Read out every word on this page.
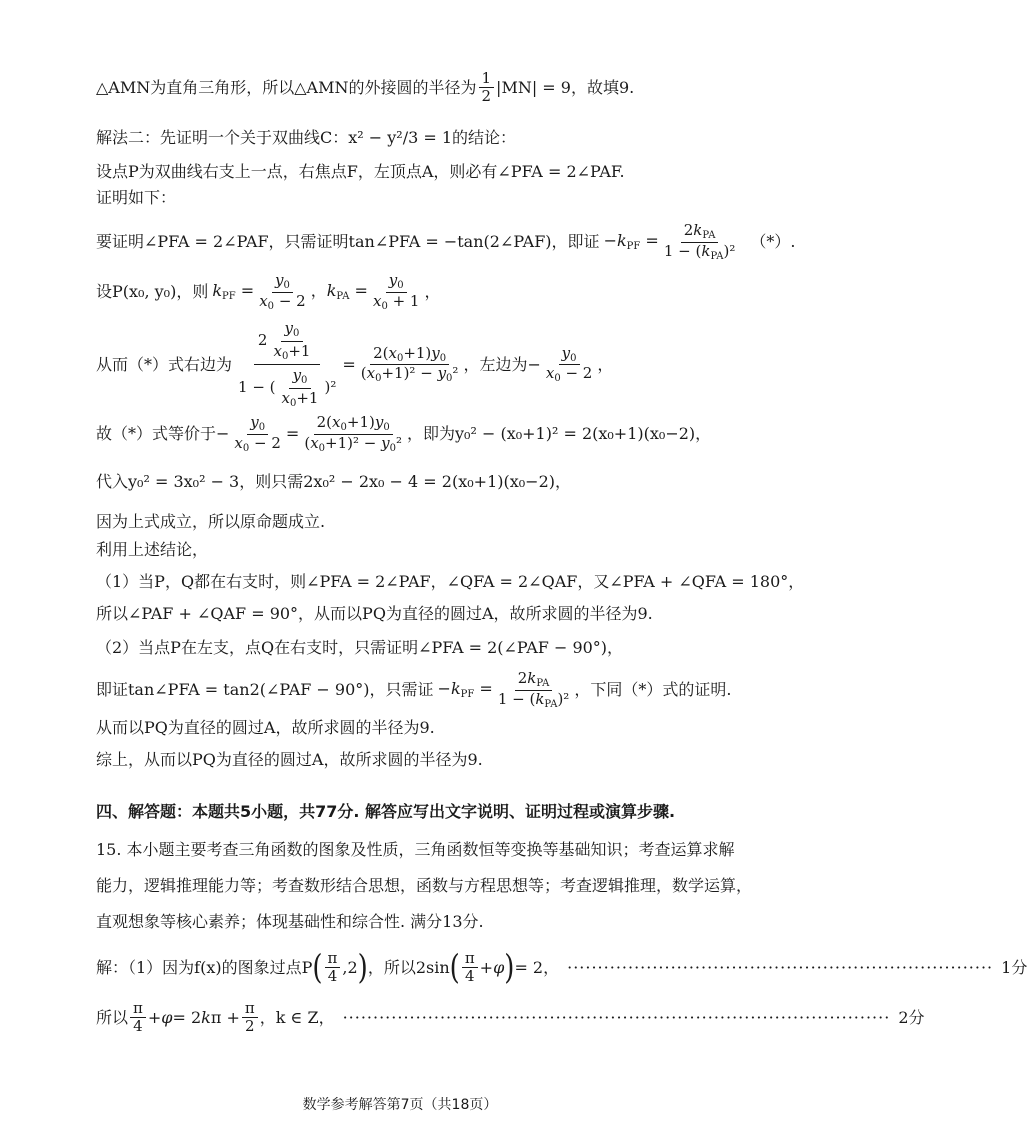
△AMN为直角三角形，所以△AMN的外接圆的半径为 $\frac{1}{2} |MN| = 9$，故填9.
解法二：先证明一个关于双曲线C：x² − y²/3 = 1的结论：
设点P为双曲线右支上一点，右焦点F，左顶点A，则必有∠PFA = 2∠PAF.
证明如下：
要证明∠PFA = 2∠PAF，只需证明tan∠PFA = −tan(2∠PAF)，即证 $-k_{PF} = \frac{2k_{PA}}{1 - (k_{PA})^2}$ （*）.
设P(x₀, y₀)，则 $k_{PF} = \frac{y_0}{x_0 - 2}$ ，$k_{PA} = \frac{y_0}{x_0 + 1}$ ，
从而（*）式右边为 $\frac{2 \frac{y_0}{x_0+1}}{1 - ( \frac{y_0}{x_0+1} )^2} = \frac{2(x_0+1)y_0}{(x_0+1)^2 - y_0^2}$ ，左边为 − $\frac{y_0}{x_0 - 2}$ ，
故（*）式等价于 − $\frac{y_0}{x_0 - 2} = \frac{2(x_0+1)y_0}{(x_0+1)^2 - y_0^2}$ ，即为y₀² − (x₀+1)² = 2(x₀+1)(x₀−2)，
代入y₀² = 3x₀² − 3，则只需2x₀² − 2x₀ − 4 = 2(x₀+1)(x₀−2)，
因为上式成立，所以原命题成立.
利用上述结论，
（1）当P，Q都在右支时，则∠PFA = 2∠PAF，∠QFA = 2∠QAF，又∠PFA + ∠QFA = 180°，
所以∠PAF + ∠QAF = 90°，从而以PQ为直径的圆过A，故所求圆的半径为9.
（2）当点P在左支，点Q在右支时，只需证明∠PFA = 2(∠PAF − 90°)，
即证tan∠PFA = tan2(∠PAF − 90°)，只需证 $-k_{PF} = \frac{2k_{PA}}{1 - (k_{PA})^2}$ ，下同（*）式的证明.
从而以PQ为直径的圆过A，故所求圆的半径为9.
综上，从而以PQ为直径的圆过A，故所求圆的半径为9.
四、解答题：本题共5小题，共77分. 解答应写出文字说明、证明过程或演算步骤.
15. 本小题主要考查三角函数的图象及性质，三角函数恒等变换等基础知识；考查运算求解
能力，逻辑推理能力等；考查数形结合思想，函数与方程思想等；考查逻辑推理，数学运算，
直观想象等核心素养；体现基础性和综合性. 满分13分.
解：（1）因为f(x)的图象过点P ( $\frac{\pi}{4} ,2$ ) ，所以2sin ( $\frac{\pi}{4} + \varphi$ ) = 2， ······································································ 1分
所以 $\frac{\pi}{4} + \varphi = 2$ k $\pi + \frac{\pi}{2}$ ，k ∈ Z， ·························································································· 2分
数学参考解答第7页（共18页）
